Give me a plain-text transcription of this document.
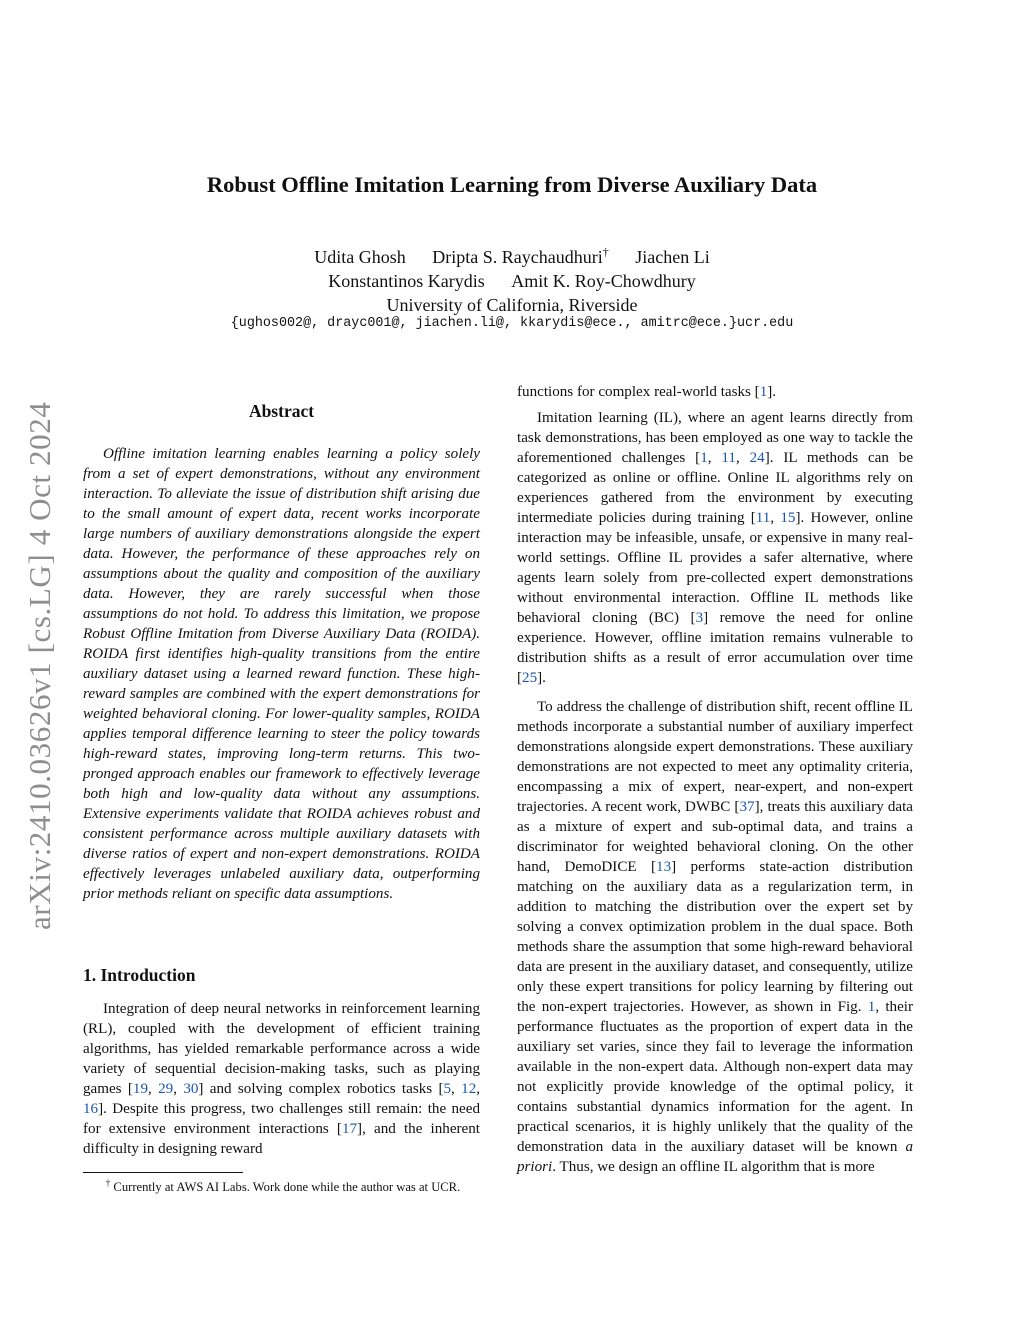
arXiv:2410.03626v1 [cs.LG] 4 Oct 2024
Robust Offline Imitation Learning from Diverse Auxiliary Data
Udita Ghosh Dripta S. Raychaudhuri† Jiachen Li
Konstantinos Karydis Amit K. Roy-Chowdhury
University of California, Riverside
{ughos002@, drayc001@, jiachen.li@, kkarydis@ece., amitrc@ece.}ucr.edu
Abstract

Offline imitation learning enables learning a policy solely from a set of expert demonstrations, without any environment interaction. To alleviate the issue of distribution shift arising due to the small amount of expert data, recent works incorporate large numbers of auxiliary demonstrations alongside the expert data. However, the performance of these approaches rely on assumptions about the quality and composition of the auxiliary data. However, they are rarely successful when those assumptions do not hold. To address this limitation, we propose Robust Offline Imitation from Diverse Auxiliary Data (ROIDA). ROIDA first identifies high-quality transitions from the entire auxiliary dataset using a learned reward function. These high-reward samples are combined with the expert demonstrations for weighted behavioral cloning. For lower-quality samples, ROIDA applies temporal difference learning to steer the policy towards high-reward states, improving long-term returns. This two-pronged approach enables our framework to effectively leverage both high and low-quality data without any assumptions. Extensive experiments validate that ROIDA achieves robust and consistent performance across multiple auxiliary datasets with diverse ratios of expert and non-expert demonstrations. ROIDA effectively leverages unlabeled auxiliary data, outperforming prior methods reliant on specific data assumptions.

1. Introduction

Integration of deep neural networks in reinforcement learning (RL), coupled with the development of efficient training algorithms, has yielded remarkable performance across a wide variety of sequential decision-making tasks, such as playing games [19, 29, 30] and solving complex robotics tasks [5, 12, 16]. Despite this progress, two challenges still remain: the need for extensive environment interactions [17], and the inherent difficulty in designing reward

† Currently at AWS AI Labs. Work done while the author was at UCR.

functions for complex real-world tasks [1].

Imitation learning (IL), where an agent learns directly from task demonstrations, has been employed as one way to tackle the aforementioned challenges [1, 11, 24]. IL methods can be categorized as online or offline. Online IL algorithms rely on experiences gathered from the environment by executing intermediate policies during training [11, 15]. However, online interaction may be infeasible, unsafe, or expensive in many real-world settings. Offline IL provides a safer alternative, where agents learn solely from pre-collected expert demonstrations without environmental interaction. Offline IL methods like behavioral cloning (BC) [3] remove the need for online experience. However, offline imitation remains vulnerable to distribution shifts as a result of error accumulation over time [25].

To address the challenge of distribution shift, recent offline IL methods incorporate a substantial number of auxiliary imperfect demonstrations alongside expert demonstrations. These auxiliary demonstrations are not expected to meet any optimality criteria, encompassing a mix of expert, near-expert, and non-expert trajectories. A recent work, DWBC [37], treats this auxiliary data as a mixture of expert and sub-optimal data, and trains a discriminator for weighted behavioral cloning. On the other hand, DemoDICE [13] performs state-action distribution matching on the auxiliary data as a regularization term, in addition to matching the distribution over the expert set by solving a convex optimization problem in the dual space. Both methods share the assumption that some high-reward behavioral data are present in the auxiliary dataset, and consequently, utilize only these expert transitions for policy learning by filtering out the non-expert trajectories. However, as shown in Fig. 1, their performance fluctuates as the proportion of expert data in the auxiliary set varies, since they fail to leverage the information available in the non-expert data. Although non-expert data may not explicitly provide knowledge of the optimal policy, it contains substantial dynamics information for the agent. In practical scenarios, it is highly unlikely that the quality of the demonstration data in the auxiliary dataset will be known a priori. Thus, we design an offline IL algorithm that is more
